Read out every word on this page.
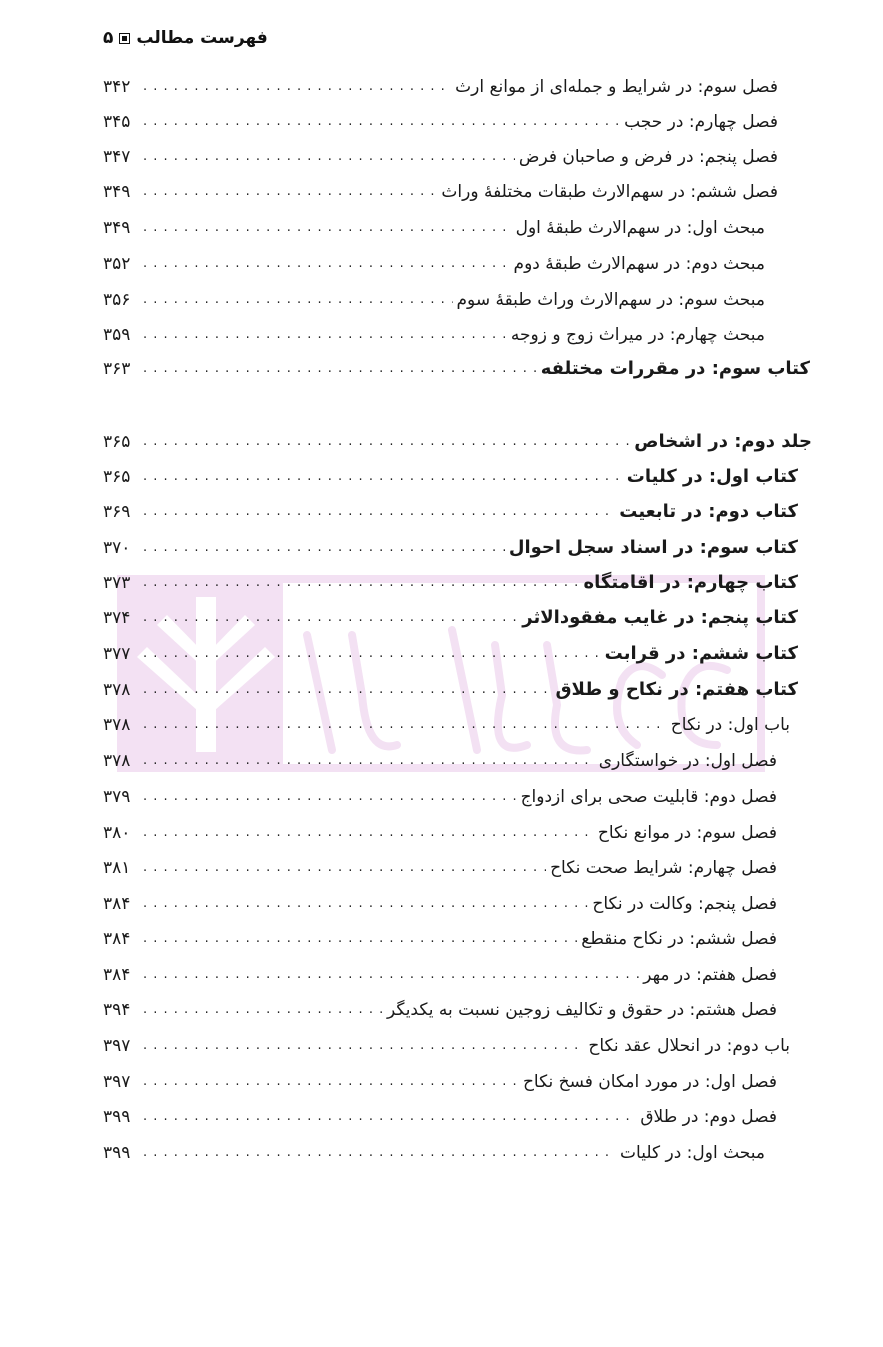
فهرست مطالب
۵
فصل سوم: در شرایط و جمله‌ای از موانع ارث
. . .
۳۴۲
فصل چهارم: در حجب
. . .
۳۴۵
فصل پنجم: در فرض و صاحبان فرض
. . .
۳۴۷
فصل ششم: در سهم‌الارث طبقات مختلفهٔ وراث
. . .
۳۴۹
مبحث اول: در سهم‌الارث طبقهٔ اول
. . .
۳۴۹
مبحث دوم: در سهم‌الارث طبقهٔ دوم
. . .
۳۵۲
مبحث سوم: در سهم‌الارث وراث طبقهٔ سوم
. . .
۳۵۶
مبحث چهارم: در میراث زوج و زوجه
. . .
۳۵۹
کتاب سوم: در مقررات مختلفه
. . .
۳۶۳
جلد دوم: در اشخاص
. . .
۳۶۵
کتاب اول: در کلیات
. . .
۳۶۵
کتاب دوم: در تابعیت
. . .
۳۶۹
کتاب سوم: در اسناد سجل احوال
. . .
۳۷۰
کتاب چهارم: در اقامتگاه
. . .
۳۷۳
کتاب پنجم: در غایب مفقودالاثر
. . .
۳۷۴
کتاب ششم: در قرابت
. . .
۳۷۷
کتاب هفتم: در نکاح و طلاق
. . .
۳۷۸
باب اول: در نکاح
. . .
۳۷۸
فصل اول: در خواستگاری
. . .
۳۷۸
فصل دوم: قابلیت صحی برای ازدواج
. . .
۳۷۹
فصل سوم: در موانع نکاح
. . .
۳۸۰
فصل چهارم: شرایط صحت نکاح
. . .
۳۸۱
فصل پنجم: وکالت در نکاح
. . .
۳۸۴
فصل ششم: در نکاح منقطع
. . .
۳۸۴
فصل هفتم: در مهر
. . .
۳۸۴
فصل هشتم: در حقوق و تکالیف زوجین نسبت به یکدیگر
. . .
۳۹۴
باب دوم: در انحلال عقد نکاح
. . .
۳۹۷
فصل اول: در مورد امکان فسخ نکاح
. . .
۳۹۷
فصل دوم: در طلاق
. . .
۳۹۹
مبحث اول: در کلیات
. . .
۳۹۹
